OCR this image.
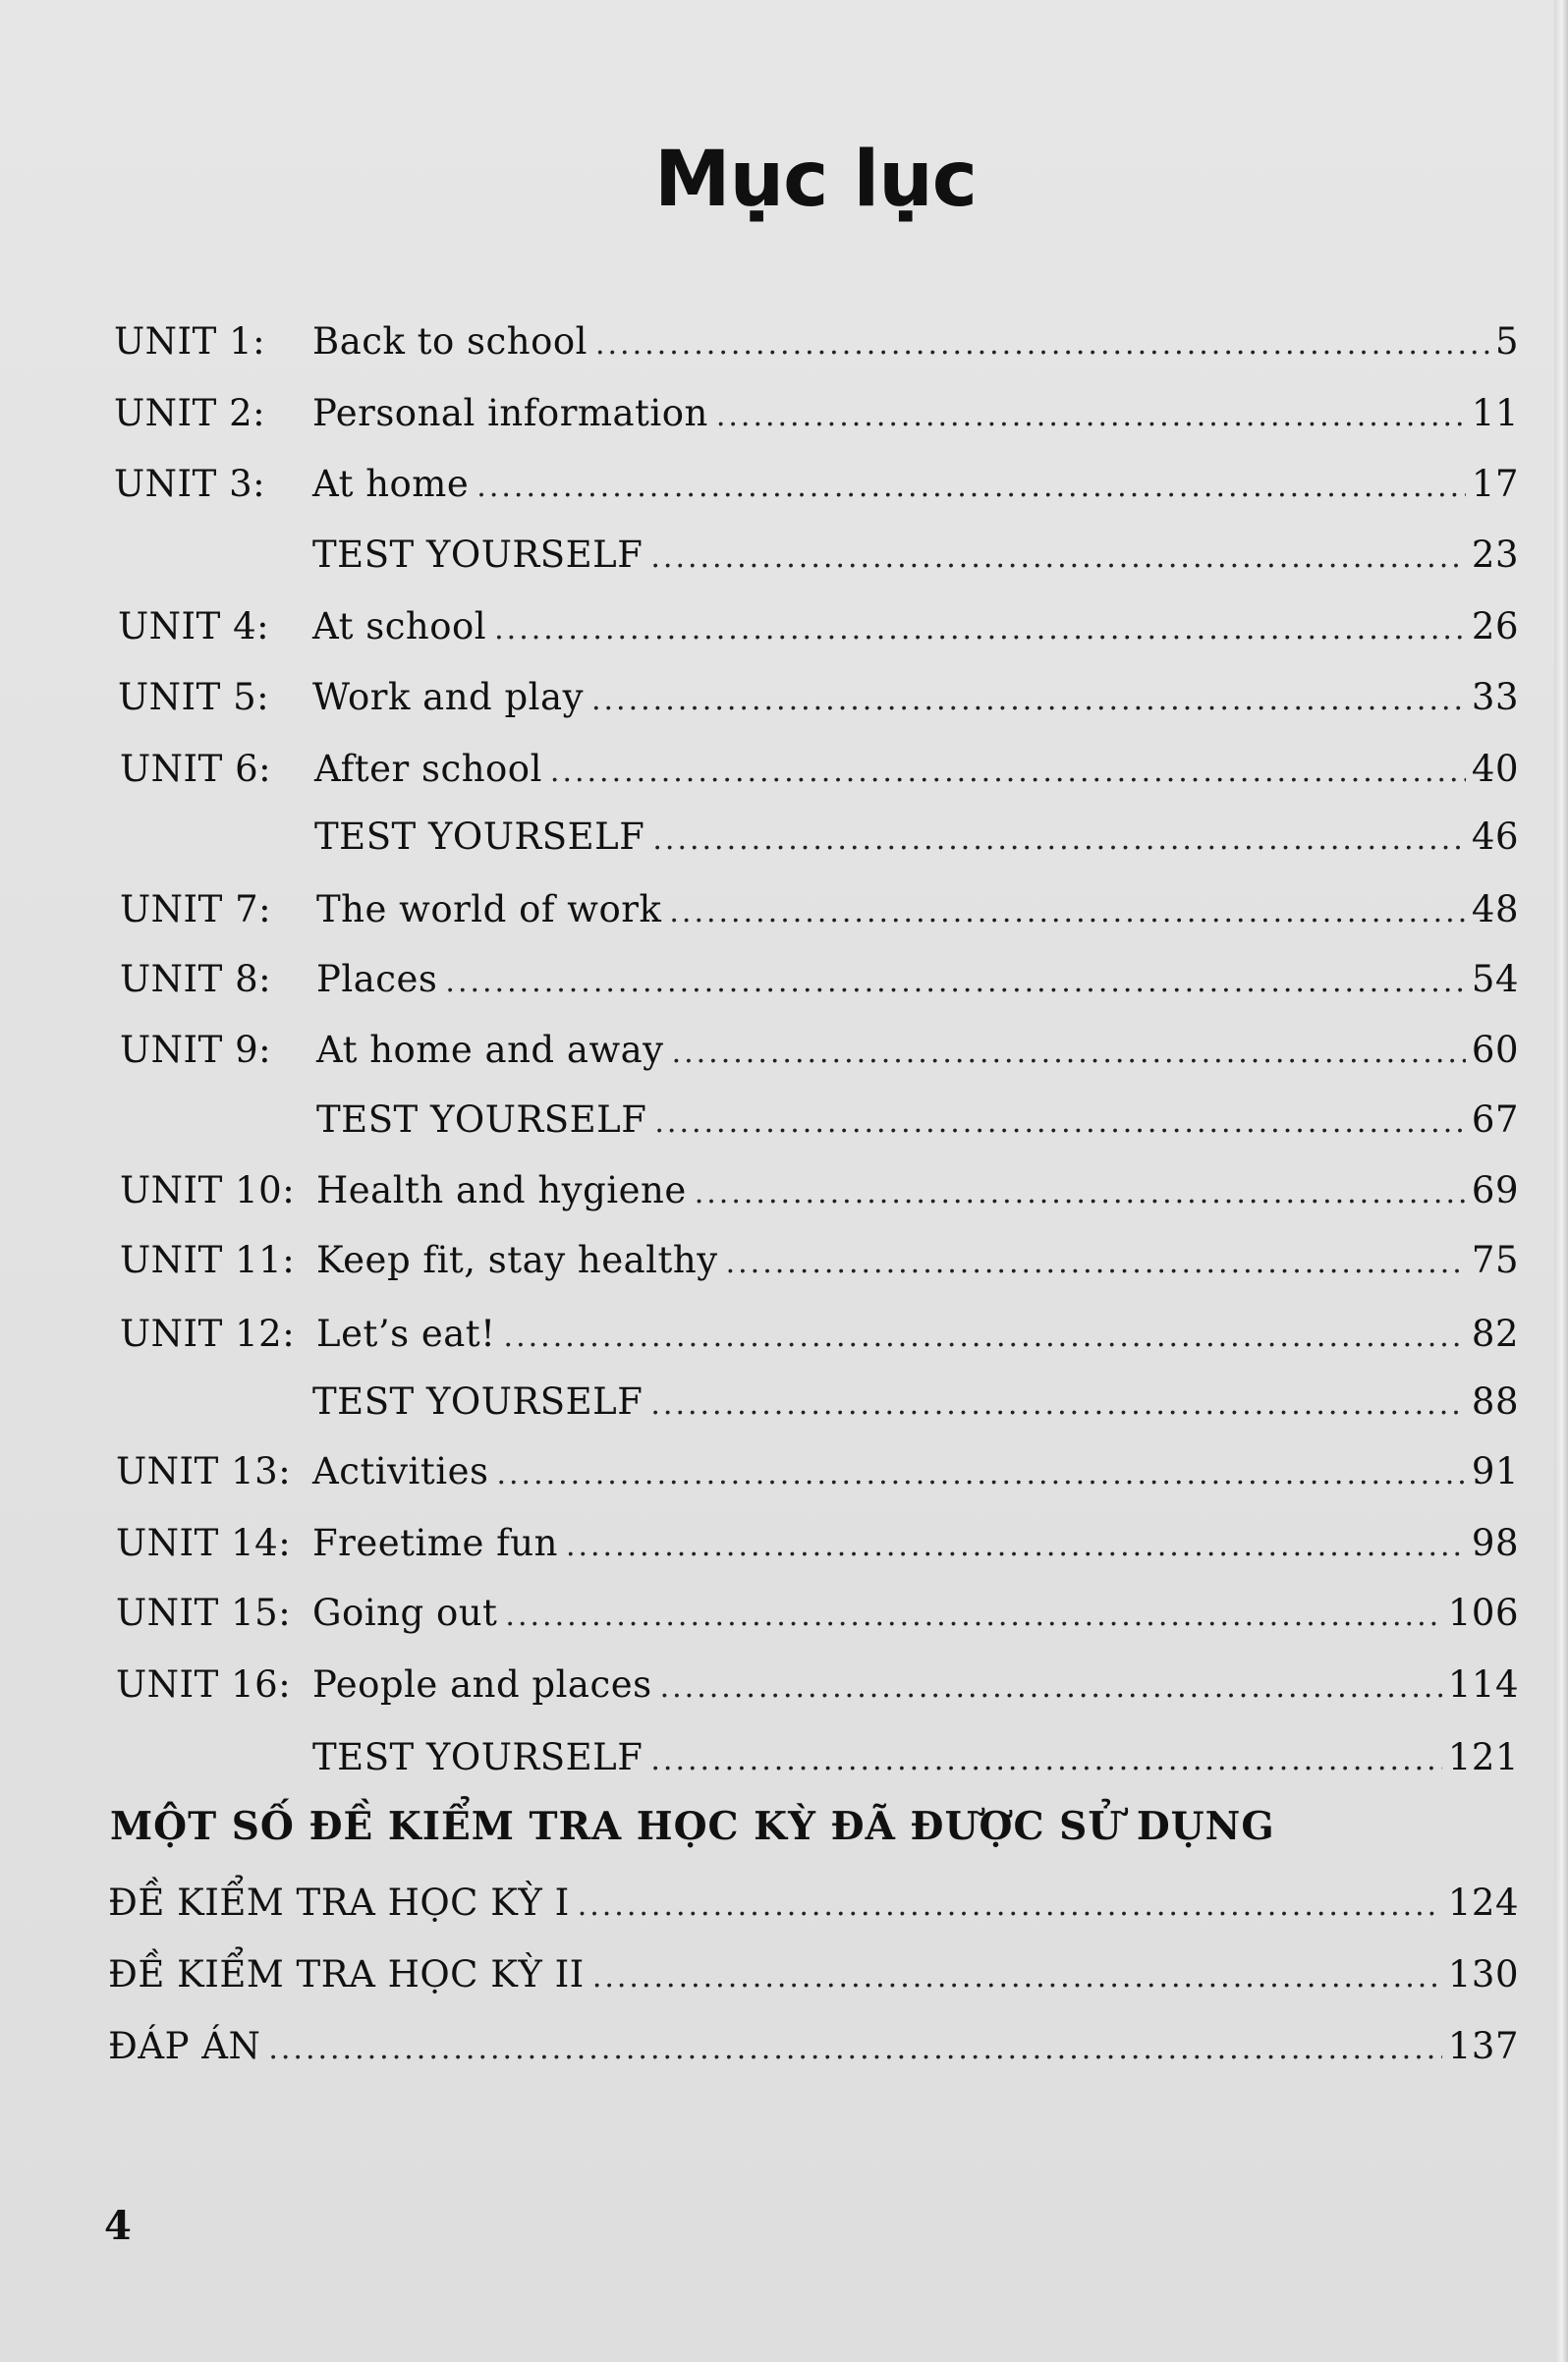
Mục lục
UNIT 1: Back to school .....	5
UNIT 2: Personal information .....	11
UNIT 3: At home .....	17
TEST YOURSELF .....	23
UNIT 4: At school .....	26
UNIT 5: Work and play .....	33
UNIT 6: After school .....	40
TEST YOURSELF .....	46
UNIT 7: The world of work .....	48
UNIT 8: Places .....	54
UNIT 9: At home and away .....	60
TEST YOURSELF .....	67
UNIT 10: Health and hygiene .....	69
UNIT 11: Keep fit, stay healthy .....	75
UNIT 12: Let’s eat! .....	82
TEST YOURSELF .....	88
UNIT 13: Activities .....	91
UNIT 14: Freetime fun .....	98
UNIT 15: Going out .....	106
UNIT 16: People and places .....	114
TEST YOURSELF .....	121
MỘT SỐ ĐỀ KIỂM TRA HỌC KỲ ĐÃ ĐƯỢC SỬ DỤNG
ĐỀ KIỂM TRA HỌC KỲ I .....	124
ĐỀ KIỂM TRA HỌC KỲ II .....	130
ĐÁP ÁN .....	137
4
